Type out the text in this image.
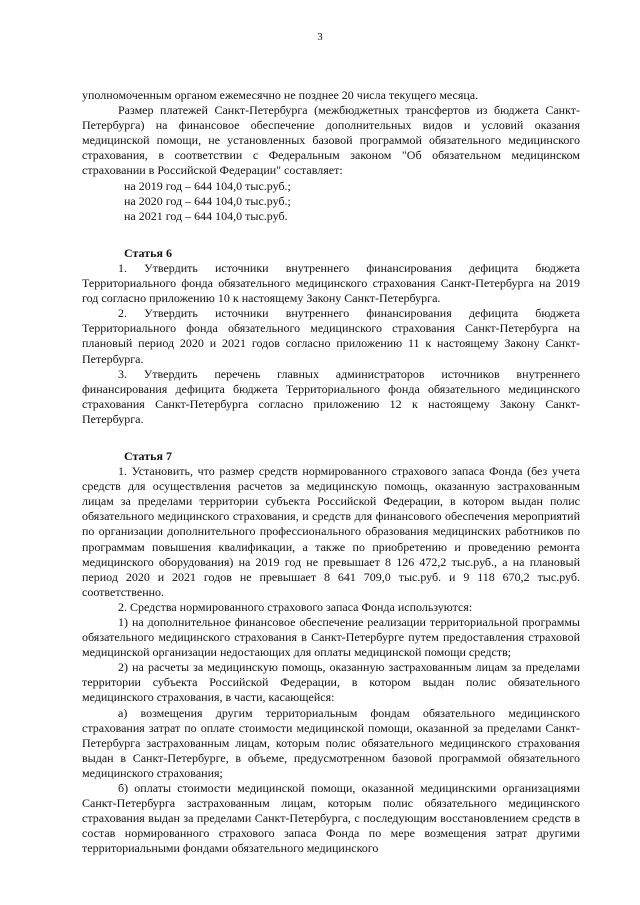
3

уполномоченным органом ежемесячно не позднее 20 числа текущего месяца.

Размер платежей Санкт-Петербурга (межбюджетных трансфертов из бюджета Санкт-Петербурга) на финансовое обеспечение дополнительных видов и условий оказания медицинской помощи, не установленных базовой программой обязательного медицинского страхования, в соответствии с Федеральным законом "Об обязательном медицинском страховании в Российской Федерации" составляет:

на 2019 год – 644 104,0 тыс.руб.;

на 2020 год – 644 104,0 тыс.руб.;

на 2021 год – 644 104,0 тыс.руб.

Статья 6

1. Утвердить источники внутреннего финансирования дефицита бюджета Территориального фонда обязательного медицинского страхования Санкт-Петербурга на 2019 год согласно приложению 10 к настоящему Закону Санкт-Петербурга.

2. Утвердить источники внутреннего финансирования дефицита бюджета Территориального фонда обязательного медицинского страхования Санкт-Петербурга на плановый период 2020 и 2021 годов согласно приложению 11 к настоящему Закону Санкт-Петербурга.

3. Утвердить перечень главных администраторов источников внутреннего финансирования дефицита бюджета Территориального фонда обязательного медицинского страхования Санкт-Петербурга согласно приложению 12 к настоящему Закону Санкт-Петербурга.

Статья 7

1. Установить, что размер средств нормированного страхового запаса Фонда (без учета средств для осуществления расчетов за медицинскую помощь, оказанную застрахованным лицам за пределами территории субъекта Российской Федерации, в котором выдан полис обязательного медицинского страхования, и средств для финансового обеспечения мероприятий по организации дополнительного профессионального образования медицинских работников по программам повышения квалификации, а также по приобретению и проведению ремонта медицинского оборудования) на 2019 год не превышает 8 126 472,2 тыс.руб., а на плановый период 2020 и 2021 годов не превышает 8 641 709,0 тыс.руб. и 9 118 670,2 тыс.руб. соответственно.

2. Средства нормированного страхового запаса Фонда используются:

1) на дополнительное финансовое обеспечение реализации территориальной программы обязательного медицинского страхования в Санкт-Петербурге путем предоставления страховой медицинской организации недостающих для оплаты медицинской помощи средств;

2) на расчеты за медицинскую помощь, оказанную застрахованным лицам за пределами территории субъекта Российской Федерации, в котором выдан полис обязательного медицинского страхования, в части, касающейся:

а) возмещения другим территориальным фондам обязательного медицинского страхования затрат по оплате стоимости медицинской помощи, оказанной за пределами Санкт-Петербурга застрахованным лицам, которым полис обязательного медицинского страхования выдан в Санкт-Петербурге, в объеме, предусмотренном базовой программой обязательного медицинского страхования;

б) оплаты стоимости медицинской помощи, оказанной медицинскими организациями Санкт-Петербурга застрахованным лицам, которым полис обязательного медицинского страхования выдан за пределами Санкт-Петербурга, с последующим восстановлением средств в состав нормированного страхового запаса Фонда по мере возмещения затрат другими территориальными фондами обязательного медицинского
